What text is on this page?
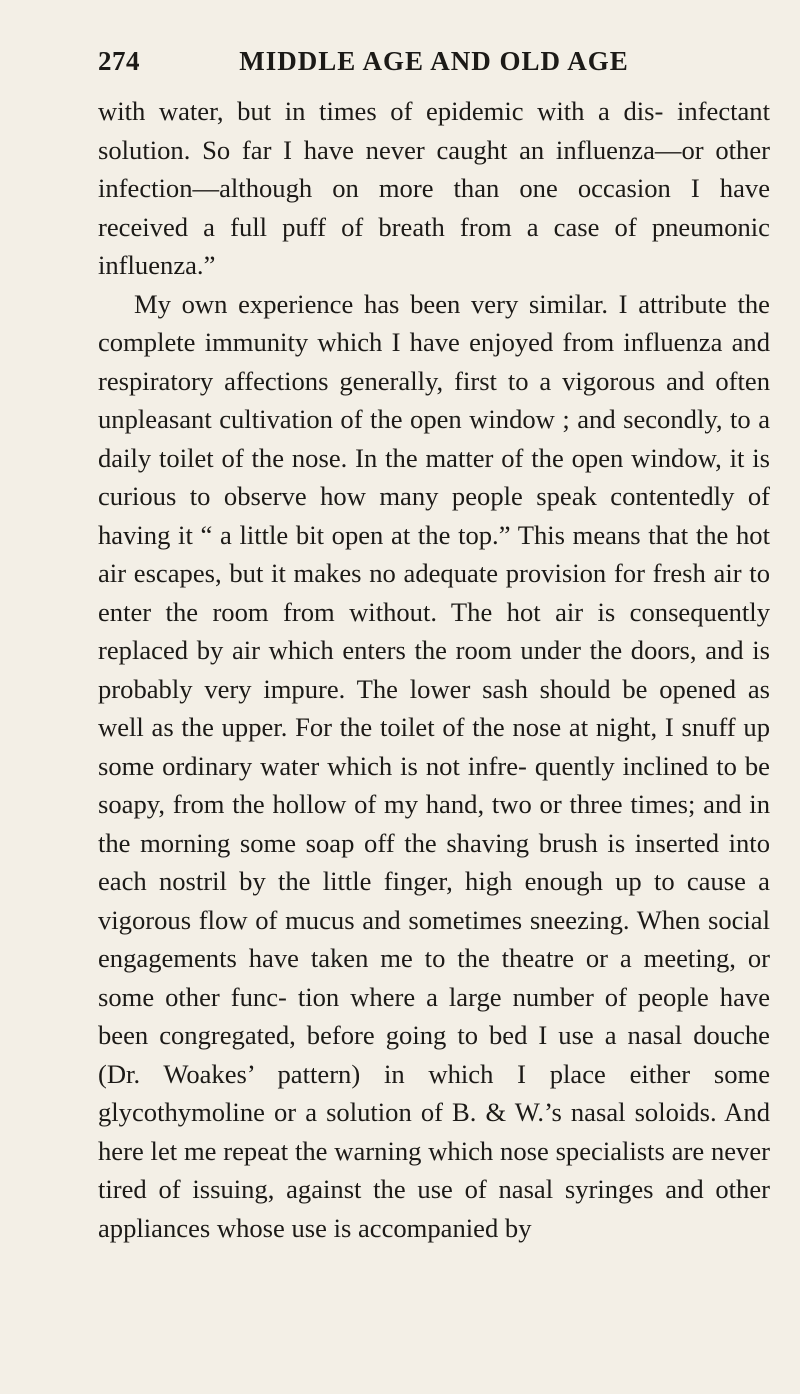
274	MIDDLE AGE AND OLD AGE

with water, but in times of epidemic with a dis- infectant solution. So far I have never caught an influenza—or other infection—although on more than one occasion I have received a full puff of breath from a case of pneumonic influenza.”

My own experience has been very similar. I attribute the complete immunity which I have enjoyed from influenza and respiratory affections generally, first to a vigorous and often unpleasant cultivation of the open window ; and secondly, to a daily toilet of the nose. In the matter of the open window, it is curious to observe how many people speak contentedly of having it “ a little bit open at the top.” This means that the hot air escapes, but it makes no adequate provision for fresh air to enter the room from without. The hot air is consequently replaced by air which enters the room under the doors, and is probably very impure. The lower sash should be opened as well as the upper. For the toilet of the nose at night, I snuff up some ordinary water which is not infre- quently inclined to be soapy, from the hollow of my hand, two or three times; and in the morning some soap off the shaving brush is inserted into each nostril by the little finger, high enough up to cause a vigorous flow of mucus and sometimes sneezing. When social engagements have taken me to the theatre or a meeting, or some other func- tion where a large number of people have been congregated, before going to bed I use a nasal douche (Dr. Woakes’ pattern) in which I place either some glycothymoline or a solution of B. & W.’s nasal soloids. And here let me repeat the warning which nose specialists are never tired of issuing, against the use of nasal syringes and other appliances whose use is accompanied by
